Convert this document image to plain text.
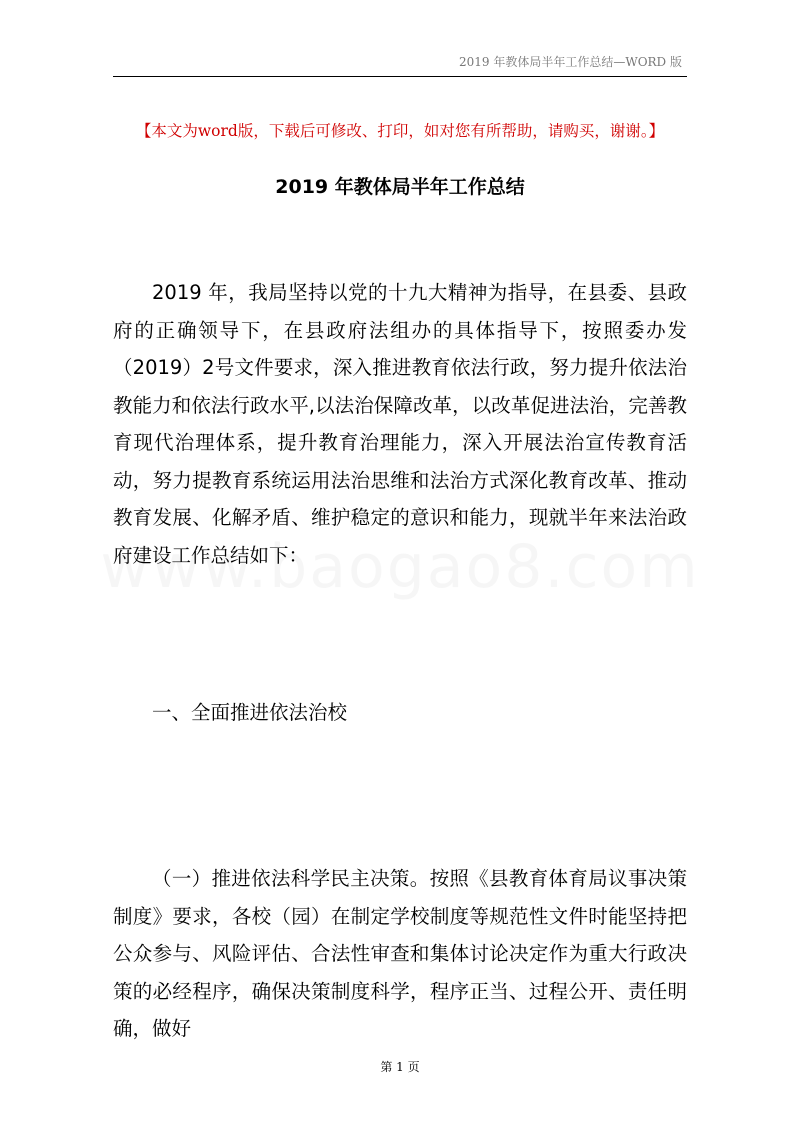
2019 年教体局半年工作总结—WORD 版
【本文为word版，下载后可修改、打印，如对您有所帮助，请购买，谢谢。】
2019 年教体局半年工作总结

2019 年，我局坚持以党的十九大精神为指导，在县委、县政府的正确领导下，在县政府法组办的具体指导下，按照委办发（2019）2号文件要求，深入推进教育依法行政，努力提升依法治教能力和依法行政水平,以法治保障改革，以改革促进法治，完善教育现代治理体系，提升教育治理能力，深入开展法治宣传教育活动，努力提教育系统运用法治思维和法治方式深化教育改革、推动教育发展、化解矛盾、维护稳定的意识和能力，现就半年来法治政府建设工作总结如下：

一、全面推进依法治校

（一）推进依法科学民主决策。按照《县教育体育局议事决策制度》要求，各校（园）在制定学校制度等规范性文件时能坚持把公众参与、风险评估、合法性审查和集体讨论决定作为重大行政决策的必经程序，确保决策制度科学，程序正当、过程公开、责任明确，做好

第 1 页
